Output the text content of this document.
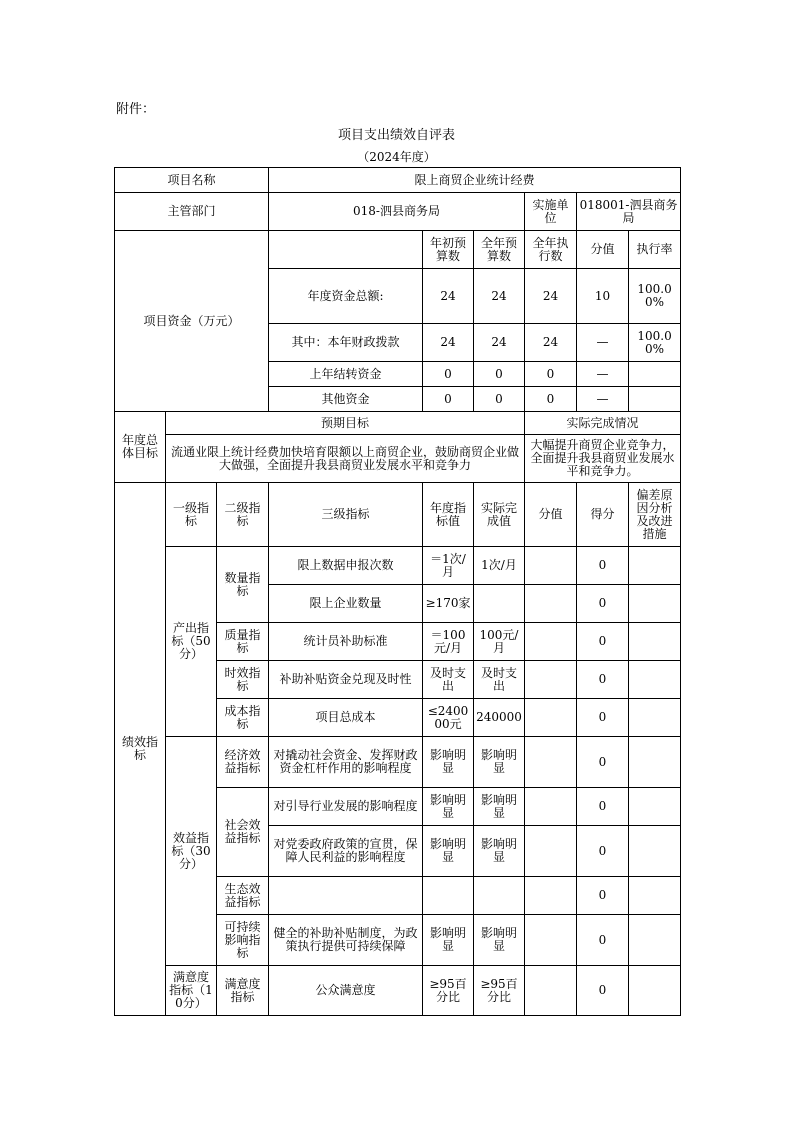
附件：
项目支出绩效自评表
（2024年度）
项目名称			限上商贸企业统计经费						
主管部门			018-泗县商务局			实施单位	018001-泗县商务局		
项目资金（万元）				年初预算数	全年预算数	全年执行数	分值	执行率	
			年度资金总额:	24	24	24	10	100.00%	
			其中：本年财政拨款	24	24	24	—	100.00%	
			上年结转资金	0	0	0	—		
			其他资金	0	0	0	—		
年度总体目标	预期目标					实际完成情况			
	流通业限上统计经费加快培育限额以上商贸企业，鼓励商贸企业做大做强，全面提升我县商贸业发展水平和竞争力					大幅提升商贸企业竞争力，全面提升我县商贸业发展水平和竞争力。			
绩效指标	一级指标	二级指标	三级指标	年度指标值	实际完成值	分值	得分	偏差原因分析及改进措施	
	产出指标（50分）	数量指标	限上数据申报次数	＝1次/月	1次/月		0		
			限上企业数量	≥170家			0		
		质量指标	统计员补助标准	＝100元/月	100元/月		0		
		时效指标	补助补贴资金兑现及时性	及时支出	及时支出		0		
		成本指标	项目总成本	≤240000元	240000		0		
	效益指标（30分）	经济效益指标	对撬动社会资金、发挥财政资金杠杆作用的影响程度	影响明显	影响明显		0		
		社会效益指标	对引导行业发展的影响程度	影响明显	影响明显		0		
			对党委政府政策的宣贯，保障人民利益的影响程度	影响明显	影响明显		0		
		生态效益指标					0		
		可持续影响指标	健全的补助补贴制度，为政策执行提供可持续保障	影响明显	影响明显		0		
	满意度指标（10分）	满意度指标	公众满意度	≥95百分比	≥95百分比		0		
